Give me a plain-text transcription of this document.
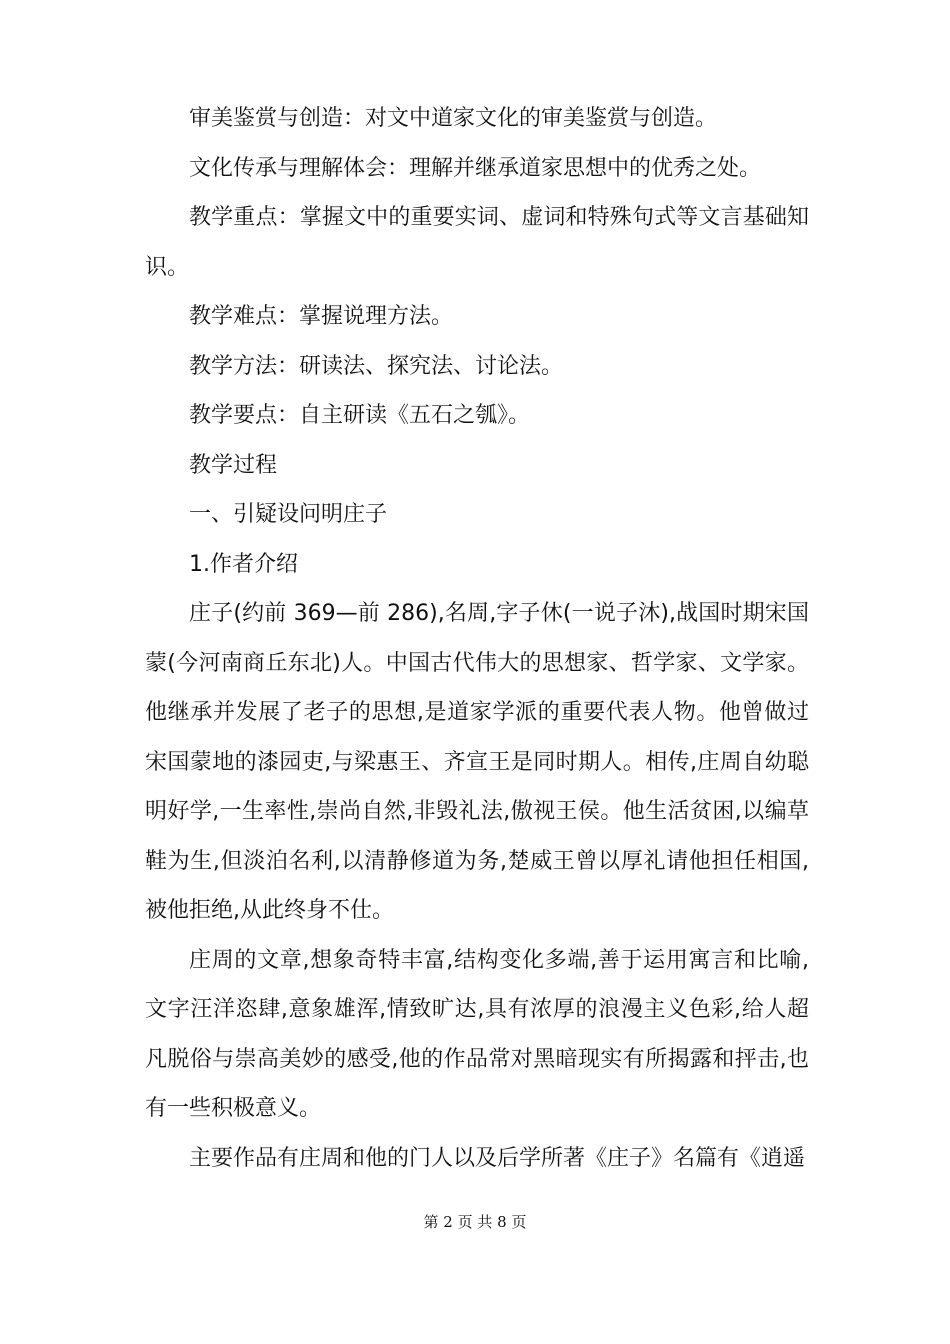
审美鉴赏与创造：对文中道家文化的审美鉴赏与创造。

文化传承与理解体会：理解并继承道家思想中的优秀之处。

教学重点：掌握文中的重要实词、虚词和特殊句式等文言基础知识。

教学难点：掌握说理方法。

教学方法：研读法、探究法、讨论法。

教学要点：自主研读《五石之瓠》。

教学过程

一、引疑设问明庄子

1.作者介绍

庄子(约前 369—前 286),名周,字子休(一说子沐),战国时期宋国蒙(今河南商丘东北)人。中国古代伟大的思想家、哲学家、文学家。他继承并发展了老子的思想,是道家学派的重要代表人物。他曾做过宋国蒙地的漆园吏,与梁惠王、齐宣王是同时期人。相传,庄周自幼聪明好学,一生率性,崇尚自然,非毁礼法,傲视王侯。他生活贫困,以编草鞋为生,但淡泊名利,以清静修道为务,楚威王曾以厚礼请他担任相国,被他拒绝,从此终身不仕。

庄周的文章,想象奇特丰富,结构变化多端,善于运用寓言和比喻,文字汪洋恣肆,意象雄浑,情致旷达,具有浓厚的浪漫主义色彩,给人超凡脱俗与崇高美妙的感受,他的作品常对黑暗现实有所揭露和抨击,也有一些积极意义。

主要作品有庄周和他的门人以及后学所著《庄子》名篇有《逍遥

第 2 页 共 8 页
